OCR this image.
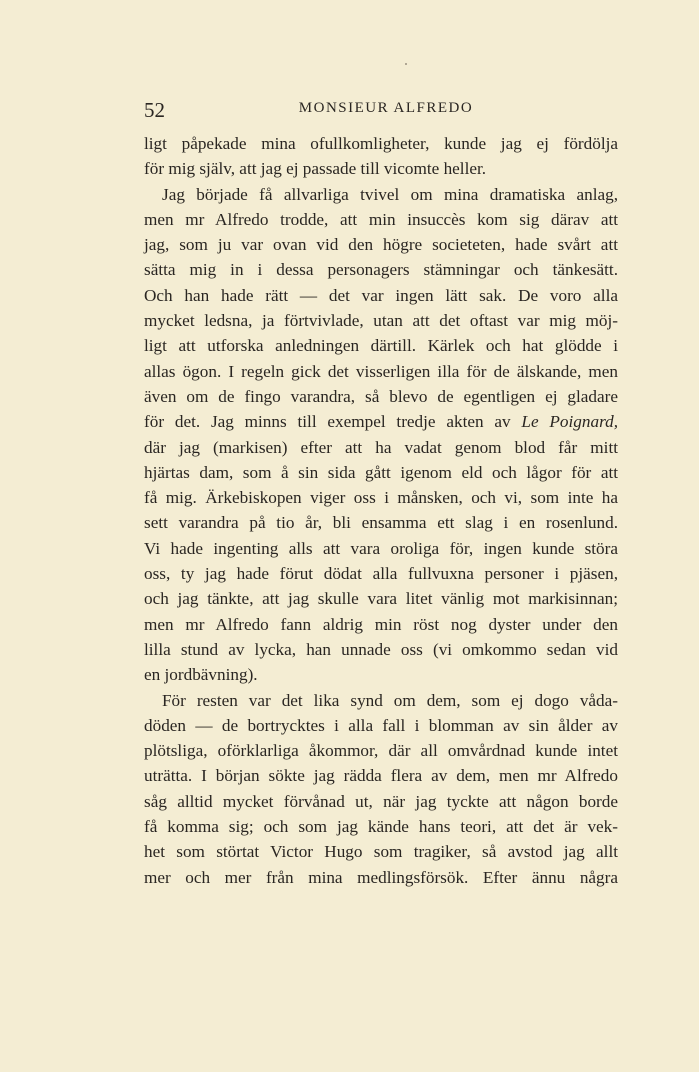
52	MONSIEUR ALFREDO
ligt påpekade mina ofullkomligheter, kunde jag ej fördölja
för mig själv, att jag ej passade till vicomte heller.
Jag började få allvarliga tvivel om mina dramatiska anlag,
men mr Alfredo trodde, att min insuccès kom sig därav att
jag, som ju var ovan vid den högre societeten, hade svårt att
sätta mig in i dessa personagers stämningar och tänkesätt.
Och han hade rätt — det var ingen lätt sak. De voro alla
mycket ledsna, ja förtvivlade, utan att det oftast var mig möj-
ligt att utforska anledningen därtill. Kärlek och hat glödde i
allas ögon. I regeln gick det visserligen illa för de älskande, men
även om de fingo varandra, så blevo de egentligen ej gladare
för det. Jag minns till exempel tredje akten av Le Poignard,
där jag (markisen) efter att ha vadat genom blod får mitt
hjärtas dam, som å sin sida gått igenom eld och lågor för att
få mig. Ärkebiskopen viger oss i månsken, och vi, som inte ha
sett varandra på tio år, bli ensamma ett slag i en rosenlund.
Vi hade ingenting alls att vara oroliga för, ingen kunde störa
oss, ty jag hade förut dödat alla fullvuxna personer i pjäsen,
och jag tänkte, att jag skulle vara litet vänlig mot markisinnan;
men mr Alfredo fann aldrig min röst nog dyster under den
lilla stund av lycka, han unnade oss (vi omkommo sedan vid
en jordbävning).
För resten var det lika synd om dem, som ej dogo våda-
döden — de bortrycktes i alla fall i blomman av sin ålder av
plötsliga, oförklarliga åkommor, där all omvårdnad kunde intet
uträtta. I början sökte jag rädda flera av dem, men mr Alfredo
såg alltid mycket förvånad ut, när jag tyckte att någon borde
få komma sig; och som jag kände hans teori, att det är vek-
het som störtat Victor Hugo som tragiker, så avstod jag allt
mer och mer från mina medlingsförsök. Efter ännu några
